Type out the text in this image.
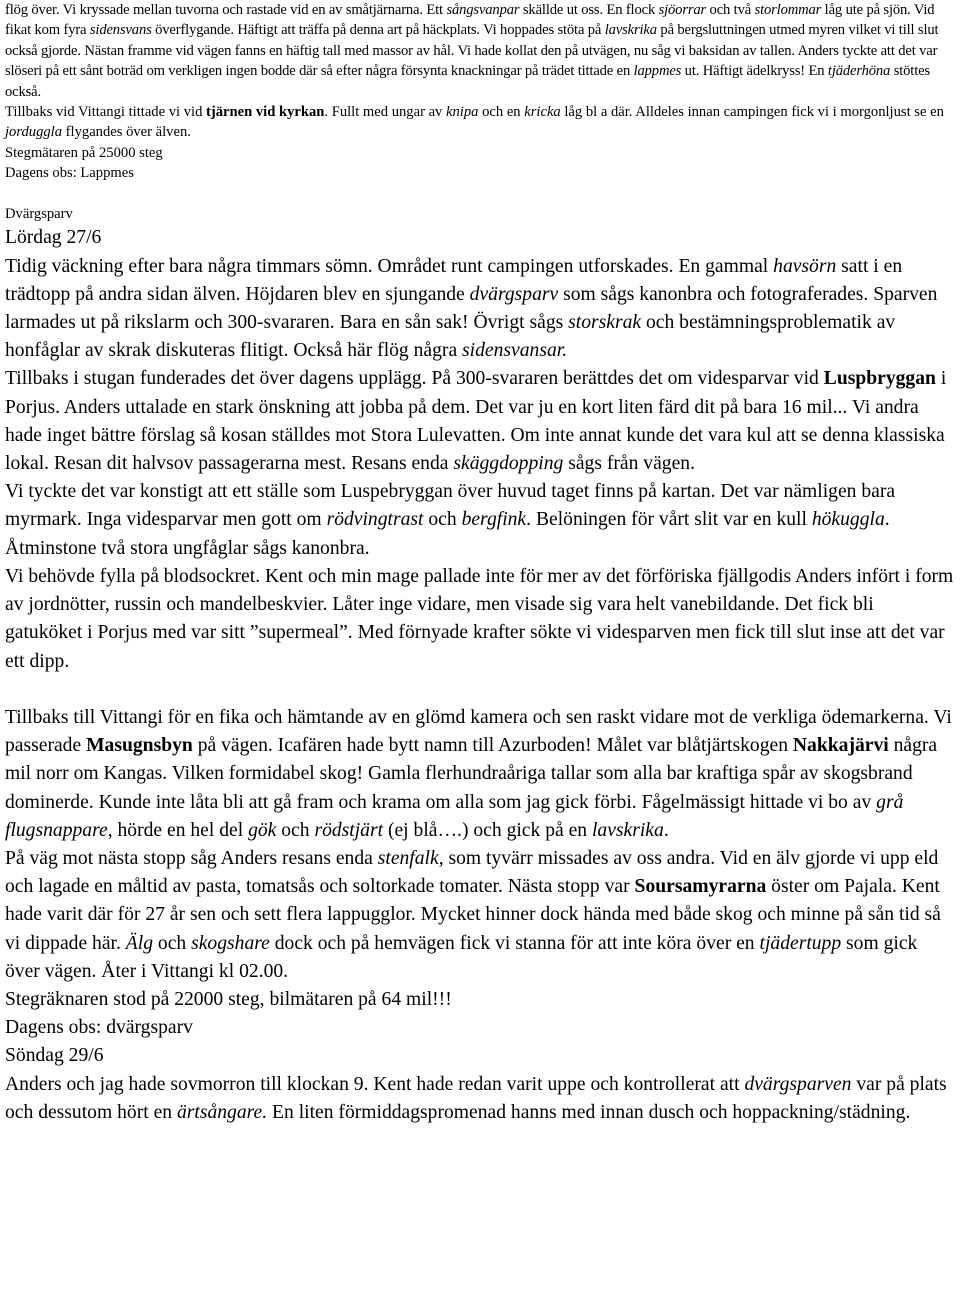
flög över. Vi kryssade mellan tuvorna och rastade vid en av småtjärnarna. Ett sångsvanpar skällde ut oss. En flock sjöorrar och två storlommar låg ute på sjön. Vid fikat kom fyra sidensvans överflygande. Häftigt att träffa på denna art på häckplats. Vi hoppades stöta på lavskrika på bergsluttningen utmed myren vilket vi till slut också gjorde. Nästan framme vid vägen fanns en häftig tall med massor av hål. Vi hade kollat den på utvägen, nu såg vi baksidan av tallen. Anders tyckte att det var slöseri på ett sånt boträd om verkligen ingen bodde där så efter några försynta knackningar på trädet tittade en lappmes ut. Häftigt ädelkryss! En tjäderhöna stöttes också.

Tillbaks vid Vittangi tittade vi vid tjärnen vid kyrkan. Fullt med ungar av knipa och en kricka låg bl a där. Alldeles innan campingen fick vi i morgonljust se en jorduggla flygandes över älven.

Stegmätaren på 25000 steg

Dagens obs: Lappmes

Dvärgsparv

Lördag 27/6

Tidig väckning efter bara några timmars sömn. Området runt campingen utforskades. En gammal havsörn satt i en trädtopp på andra sidan älven. Höjdaren blev en sjungande dvärgsparv som sågs kanonbra och fotograferades. Sparven larmades ut på rikslarm och 300-svararen. Bara en sån sak! Övrigt sågs storskrak och bestämningsproblematik av honfåglar av skrak diskuteras flitigt. Också här flög några sidensvansar.

Tillbaks i stugan funderades det över dagens upplägg. På 300-svararen berättdes det om videsparvar vid Luspbryggan i Porjus. Anders uttalade en stark önskning att jobba på dem. Det var ju en kort liten färd dit på bara 16 mil... Vi andra hade inget bättre förslag så kosan ställdes mot Stora Lulevatten. Om inte annat kunde det vara kul att se denna klassiska lokal. Resan dit halvsov passagerarna mest. Resans enda skäggdopping sågs från vägen.

Vi tyckte det var konstigt att ett ställe som Luspebryggan över huvud taget finns på kartan. Det var nämligen bara myrmark. Inga videsparvar men gott om rödvingtrast och bergfink. Belöningen för vårt slit var en kull hökuggla. Åtminstone två stora ungfåglar sågs kanonbra.

Vi behövde fylla på blodsockret. Kent och min mage pallade inte för mer av det förföriska fjällgodis Anders infört i form av jordnötter, russin och mandelbeskvier. Låter inge vidare, men visade sig vara helt vanebildande. Det fick bli gatuköket i Porjus med var sitt ”supermeal”. Med förnyade krafter sökte vi videsparven men fick till slut inse att det var ett dipp.

Tillbaks till Vittangi för en fika och hämtande av en glömd kamera och sen raskt vidare mot de verkliga ödemarkerna. Vi passerade Masugnsbyn på vägen. Icafären hade bytt namn till Azurboden! Målet var blåtjärtskogen Nakkajärvi några mil norr om Kangas. Vilken formidabel skog! Gamla flerhundraåriga tallar som alla bar kraftiga spår av skogsbrand dominerde. Kunde inte låta bli att gå fram och krama om alla som jag gick förbi. Fågelmässigt hittade vi bo av grå flugsnappare, hörde en hel del gök och rödstjärt (ej blå….) och gick på en lavskrika.

På väg mot nästa stopp såg Anders resans enda stenfalk, som tyvärr missades av oss andra. Vid en älv gjorde vi upp eld och lagade en måltid av pasta, tomatsås och soltorkade tomater. Nästa stopp var Soursamyrarna öster om Pajala. Kent hade varit där för 27 år sen och sett flera lappugglor. Mycket hinner dock hända med både skog och minne på sån tid så vi dippade här. Älg och skogshare dock och på hemvägen fick vi stanna för att inte köra över en tjädertupp som gick över vägen. Åter i Vittangi kl 02.00.

Stegräknaren stod på 22000 steg, bilmätaren på 64 mil!!!

Dagens obs: dvärgsparv

Söndag 29/6

Anders och jag hade sovmorron till klockan 9. Kent hade redan varit uppe och kontrollerat att dvärgsparven var på plats och dessutom hört en ärtsångare. En liten förmiddagspromenad hanns med innan dusch och hoppackning/städning.
